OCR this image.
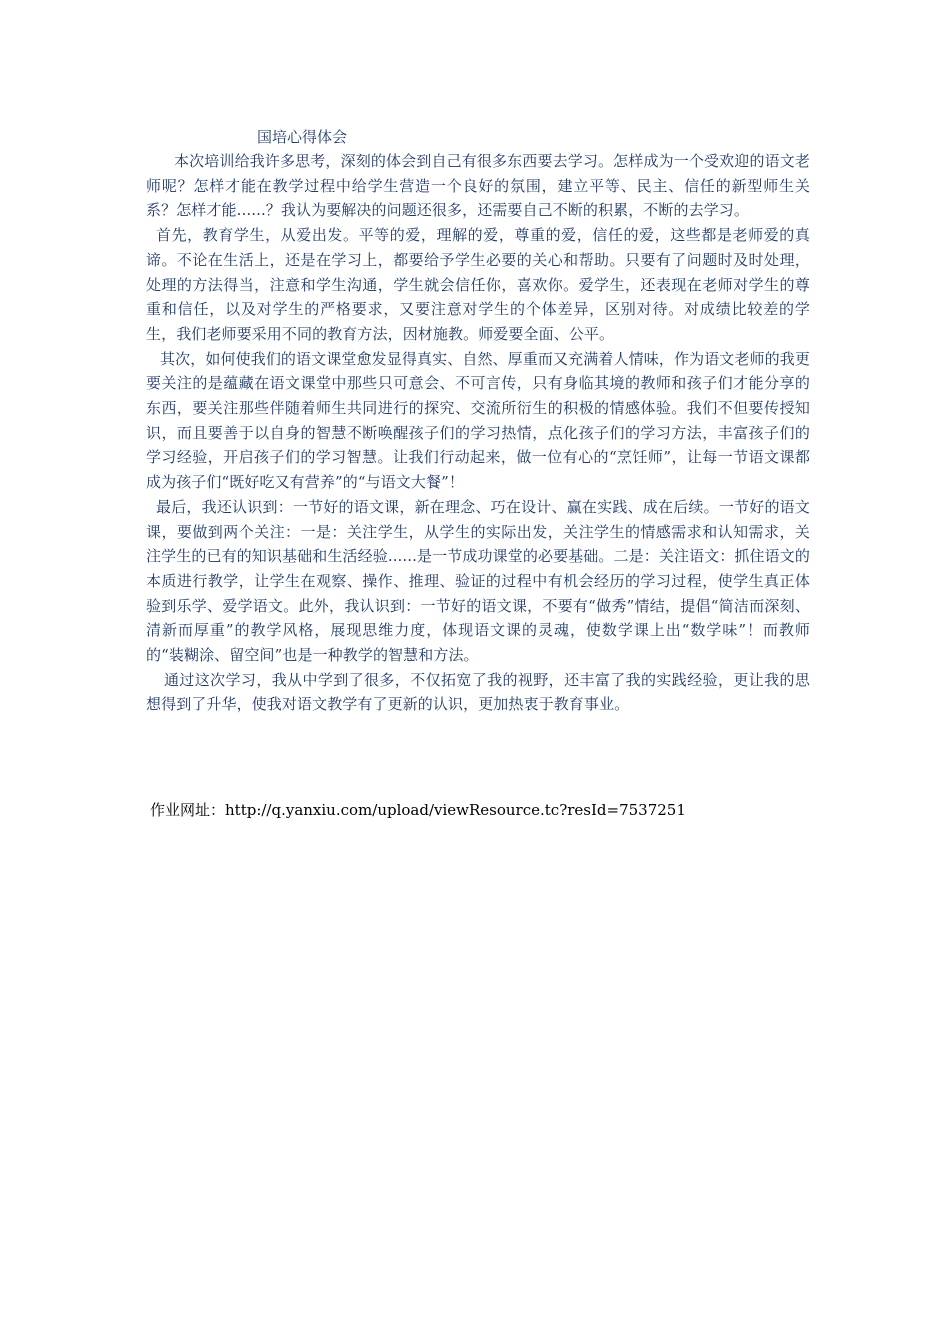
国培心得体会

本次培训给我许多思考，深刻的体会到自己有很多东西要去学习。怎样成为一个受欢迎的语文老师呢？怎样才能在教学过程中给学生营造一个良好的氛围，建立平等、民主、信任的新型师生关系？怎样才能......？我认为要解决的问题还很多，还需要自己不断的积累，不断的去学习。

首先，教育学生，从爱出发。平等的爱，理解的爱，尊重的爱，信任的爱，这些都是老师爱的真谛。不论在生活上，还是在学习上，都要给予学生必要的关心和帮助。只要有了问题时及时处理，处理的方法得当，注意和学生沟通，学生就会信任你，喜欢你。爱学生，还表现在老师对学生的尊重和信任，以及对学生的严格要求，又要注意对学生的个体差异，区别对待。对成绩比较差的学生，我们老师要采用不同的教育方法，因材施教。师爱要全面、公平。

其次，如何使我们的语文课堂愈发显得真实、自然、厚重而又充满着人情味，作为语文老师的我更要关注的是蕴藏在语文课堂中那些只可意会、不可言传，只有身临其境的教师和孩子们才能分享的东西，要关注那些伴随着师生共同进行的探究、交流所衍生的积极的情感体验。我们不但要传授知识，而且要善于以自身的智慧不断唤醒孩子们的学习热情，点化孩子们的学习方法，丰富孩子们的学习经验，开启孩子们的学习智慧。让我们行动起来，做一位有心的“烹饪师”，让每一节语文课都成为孩子们“既好吃又有营养”的“与语文大餐”！

最后，我还认识到：一节好的语文课，新在理念、巧在设计、赢在实践、成在后续。一节好的语文课，要做到两个关注：一是：关注学生，从学生的实际出发，关注学生的情感需求和认知需求，关注学生的已有的知识基础和生活经验......是一节成功课堂的必要基础。二是：关注语文：抓住语文的本质进行教学，让学生在观察、操作、推理、验证的过程中有机会经历的学习过程，使学生真正体验到乐学、爱学语文。此外，我认识到：一节好的语文课，不要有“做秀”情结，提倡“简洁而深刻、清新而厚重”的教学风格，展现思维力度，体现语文课的灵魂，使数学课上出“数学味”！而教师的“装糊涂、留空间”也是一种教学的智慧和方法。

通过这次学习，我从中学到了很多，不仅拓宽了我的视野，还丰富了我的实践经验，更让我的思想得到了升华，使我对语文教学有了更新的认识，更加热衷于教育事业。

作业网址：http://q.yanxiu.com/upload/viewResource.tc?resId=7537251
